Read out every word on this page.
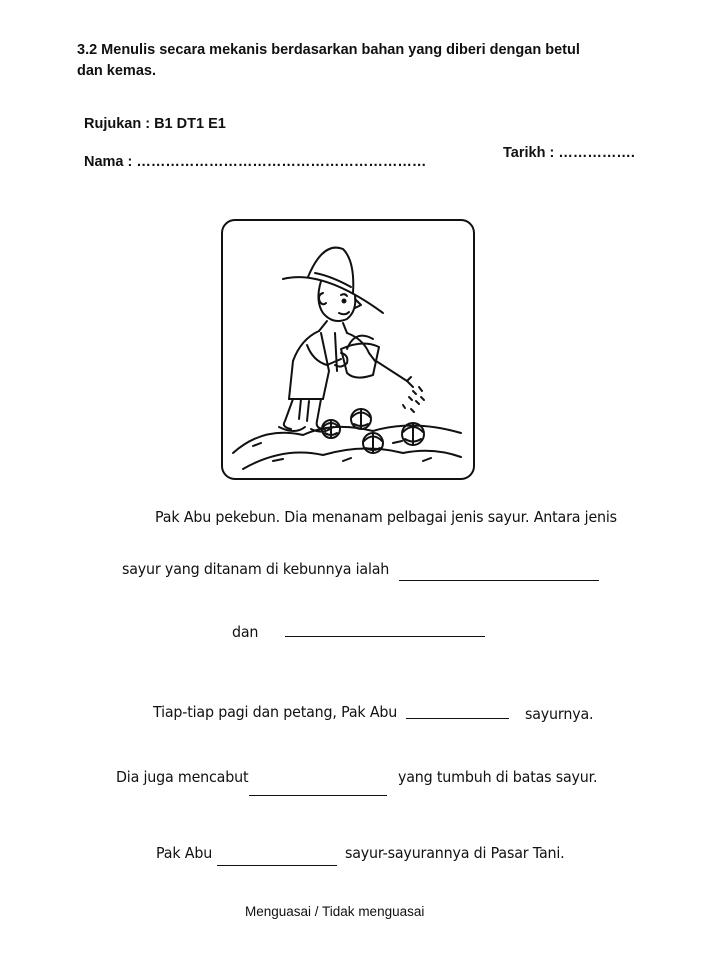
3.2 Menulis secara mekanis berdasarkan bahan yang diberi dengan betul
dan kemas.
Rujukan : B1 DT1 E1
Nama : ……………………………………………………
Tarikh : …………….
Pak Abu pekebun. Dia menanam pelbagai jenis sayur. Antara jenis
sayur yang ditanam di kebunnya ialah
dan
Tiap-tiap pagi dan petang, Pak Abu	sayurnya.
Dia juga mencabut	yang tumbuh di batas sayur.
Pak Abu	sayur-sayurannya di Pasar Tani.
Menguasai / Tidak menguasai
